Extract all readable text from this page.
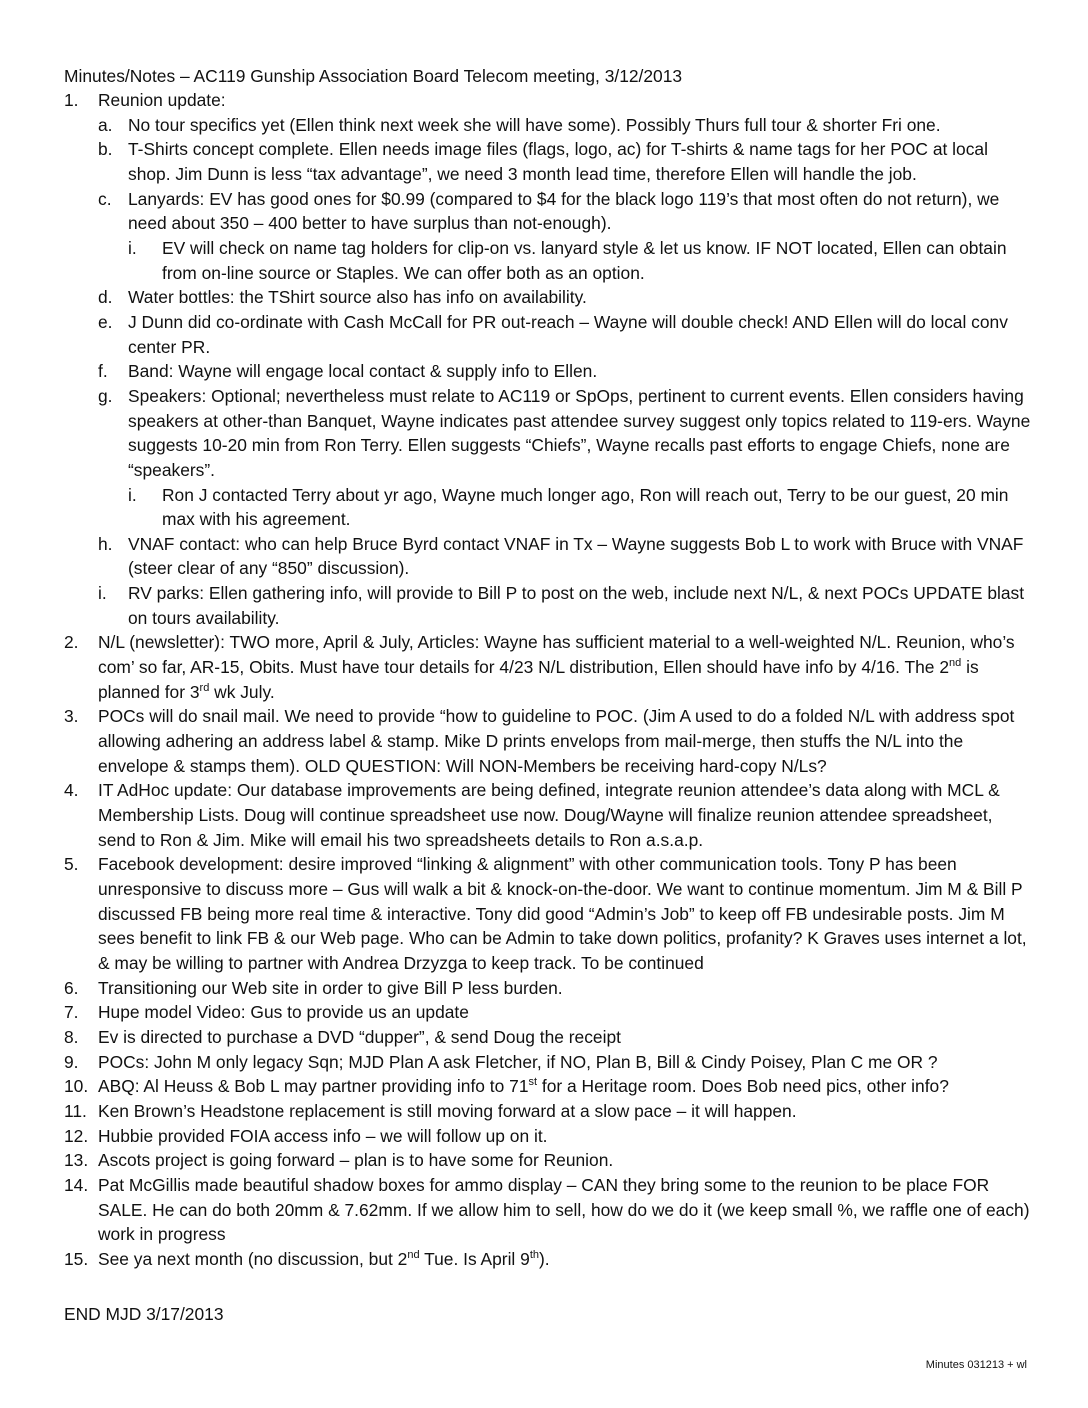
Minutes/Notes – AC119 Gunship Association Board Telecom meeting, 3/12/2013
1.	Reunion update:
a. No tour specifics yet (Ellen think next week she will have some). Possibly Thurs full tour & shorter Fri one.
b. T-Shirts concept complete. Ellen needs image files (flags, logo, ac) for T-shirts & name tags for her POC at local shop. Jim Dunn is less “tax advantage”, we need 3 month lead time, therefore Ellen will handle the job.
c. Lanyards: EV has good ones for $0.99 (compared to $4 for the black logo 119’s that most often do not return), we need about 350 – 400 better to have surplus than not-enough).
i.	EV will check on name tag holders for clip-on vs. lanyard style & let us know. IF NOT located, Ellen can obtain from on-line source or Staples. We can offer both as an option.
d. Water bottles: the TShirt source also has info on availability.
e. J Dunn did co-ordinate with Cash McCall for PR out-reach – Wayne will double check! AND Ellen will do local conv center PR.
f.	Band: Wayne will engage local contact & supply info to Ellen.
g. Speakers: Optional; nevertheless must relate to AC119 or SpOps, pertinent to current events. Ellen considers having speakers at other-than Banquet, Wayne indicates past attendee survey suggest only topics related to 119-ers. Wayne suggests 10-20 min from Ron Terry. Ellen suggests “Chiefs”, Wayne recalls past efforts to engage Chiefs, none are “speakers”.
i.	Ron J contacted Terry about yr ago, Wayne much longer ago, Ron will reach out, Terry to be our guest, 20 min max with his agreement.
h. VNAF contact: who can help Bruce Byrd contact VNAF in Tx – Wayne suggests Bob L to work with Bruce with VNAF (steer clear of any “850” discussion).
i.	RV parks: Ellen gathering info, will provide to Bill P to post on the web, include next N/L, & next POCs UPDATE blast on tours availability.
2.	N/L (newsletter): TWO more, April & July, Articles: Wayne has sufficient material to a well-weighted N/L. Reunion, who’s com’ so far, AR-15, Obits. Must have tour details for 4/23 N/L distribution, Ellen should have info by 4/16. The 2nd is planned for 3rd wk July.
3.	POCs will do snail mail. We need to provide “how to guideline to POC. (Jim A used to do a folded N/L with address spot allowing adhering an address label & stamp. Mike D prints envelops from mail-merge, then stuffs the N/L into the envelope & stamps them). OLD QUESTION: Will NON-Members be receiving hard-copy N/Ls?
4.	IT AdHoc update: Our database improvements are being defined, integrate reunion attendee’s data along with MCL & Membership Lists. Doug will continue spreadsheet use now. Doug/Wayne will finalize reunion attendee spreadsheet, send to Ron & Jim. Mike will email his two spreadsheets details to Ron a.s.a.p.
5.	Facebook development: desire improved “linking & alignment” with other communication tools. Tony P has been unresponsive to discuss more – Gus will walk a bit & knock-on-the-door. We want to continue momentum. Jim M & Bill P discussed FB being more real time & interactive. Tony did good “Admin’s Job” to keep off FB undesirable posts. Jim M sees benefit to link FB & our Web page. Who can be Admin to take down politics, profanity? K Graves uses internet a lot, & may be willing to partner with Andrea Drzyzga to keep track. To be continued
6.	Transitioning our Web site in order to give Bill P less burden.
7.	Hupe model Video: Gus to provide us an update
8.	Ev is directed to purchase a DVD “dupper”, & send Doug the receipt
9.	POCs: John M only legacy Sqn; MJD Plan A ask Fletcher, if NO, Plan B, Bill & Cindy Poisey, Plan C me OR ?
10. ABQ: Al Heuss & Bob L may partner providing info to 71st for a Heritage room. Does Bob need pics, other info?
11. Ken Brown’s Headstone replacement is still moving forward at a slow pace – it will happen.
12. Hubbie provided FOIA access info – we will follow up on it.
13. Ascots project is going forward – plan is to have some for Reunion.
14. Pat McGillis made beautiful shadow boxes for ammo display – CAN they bring some to the reunion to be place FOR SALE. He can do both 20mm & 7.62mm. If we allow him to sell, how do we do it (we keep small %, we raffle one of each) work in progress
15. See ya next month (no discussion, but 2nd Tue. Is April 9th).
END MJD 3/17/2013
Minutes 031213 + wl
